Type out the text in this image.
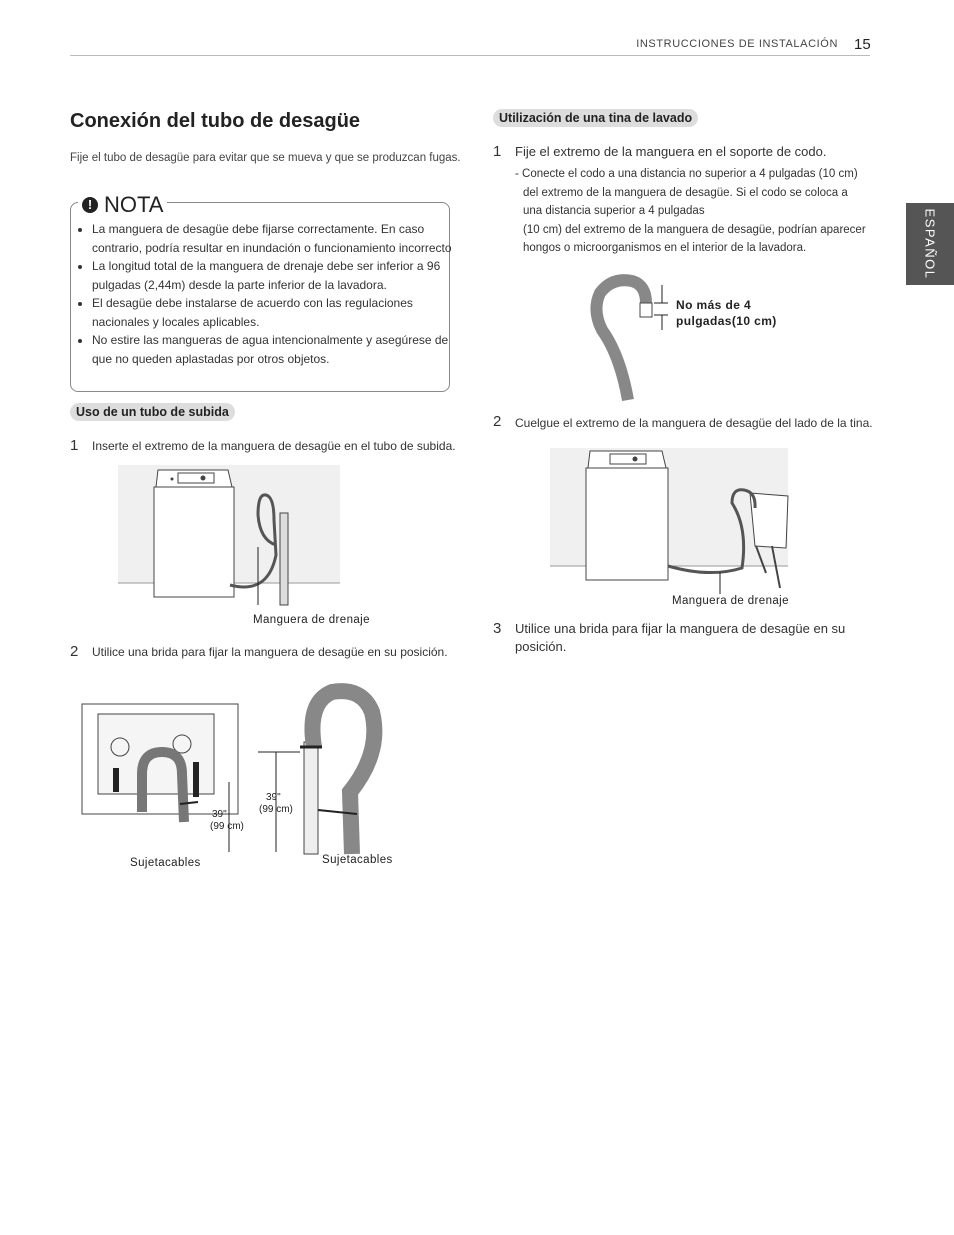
INSTRUCCIONES DE INSTALACIÓN 15
ESPAÑOL
Conexión del tubo de desagüe
Fije el tubo de desagüe para evitar que se mueva y que se produzcan fugas.
! NOTA
• La manguera de desagüe debe fijarse correctamente. En caso contrario, podría resultar en inundación o funcionamiento incorrecto
• La longitud total de la manguera de drenaje debe ser inferior a 96 pulgadas (2,44m) desde la parte inferior de la lavadora.
• El desagüe debe instalarse de acuerdo con las regulaciones nacionales y locales aplicables.
• No estire las mangueras de agua intencionalmente y asegúrese de que no queden aplastadas por otros objetos.
Uso de un tubo de subida
1 Inserte el extremo de la manguera de desagüe en el tubo de subida.
Manguera de drenaje
2 Utilice una brida para fijar la manguera de desagüe en su posición.
39"
(99 cm)
39"
(99 cm)
Sujetacables	Sujetacables
Utilización de una tina de lavado
1 Fije el extremo de la manguera en el soporte de codo.
- Conecte el codo a una distancia no superior a 4 pulgadas (10 cm)
del extremo de la manguera de desagüe. Si el codo se coloca a
una distancia superior a 4 pulgadas
(10 cm) del extremo de la manguera de desagüe, podrían aparecer
hongos o microorganismos en el interior de la lavadora.
No más de 4
pulgadas(10 cm)
2 Cuelgue el extremo de la manguera de desagüe del lado de la tina.
Manguera de drenaje
3 Utilice una brida para fijar la manguera de desagüe en su
posición.
